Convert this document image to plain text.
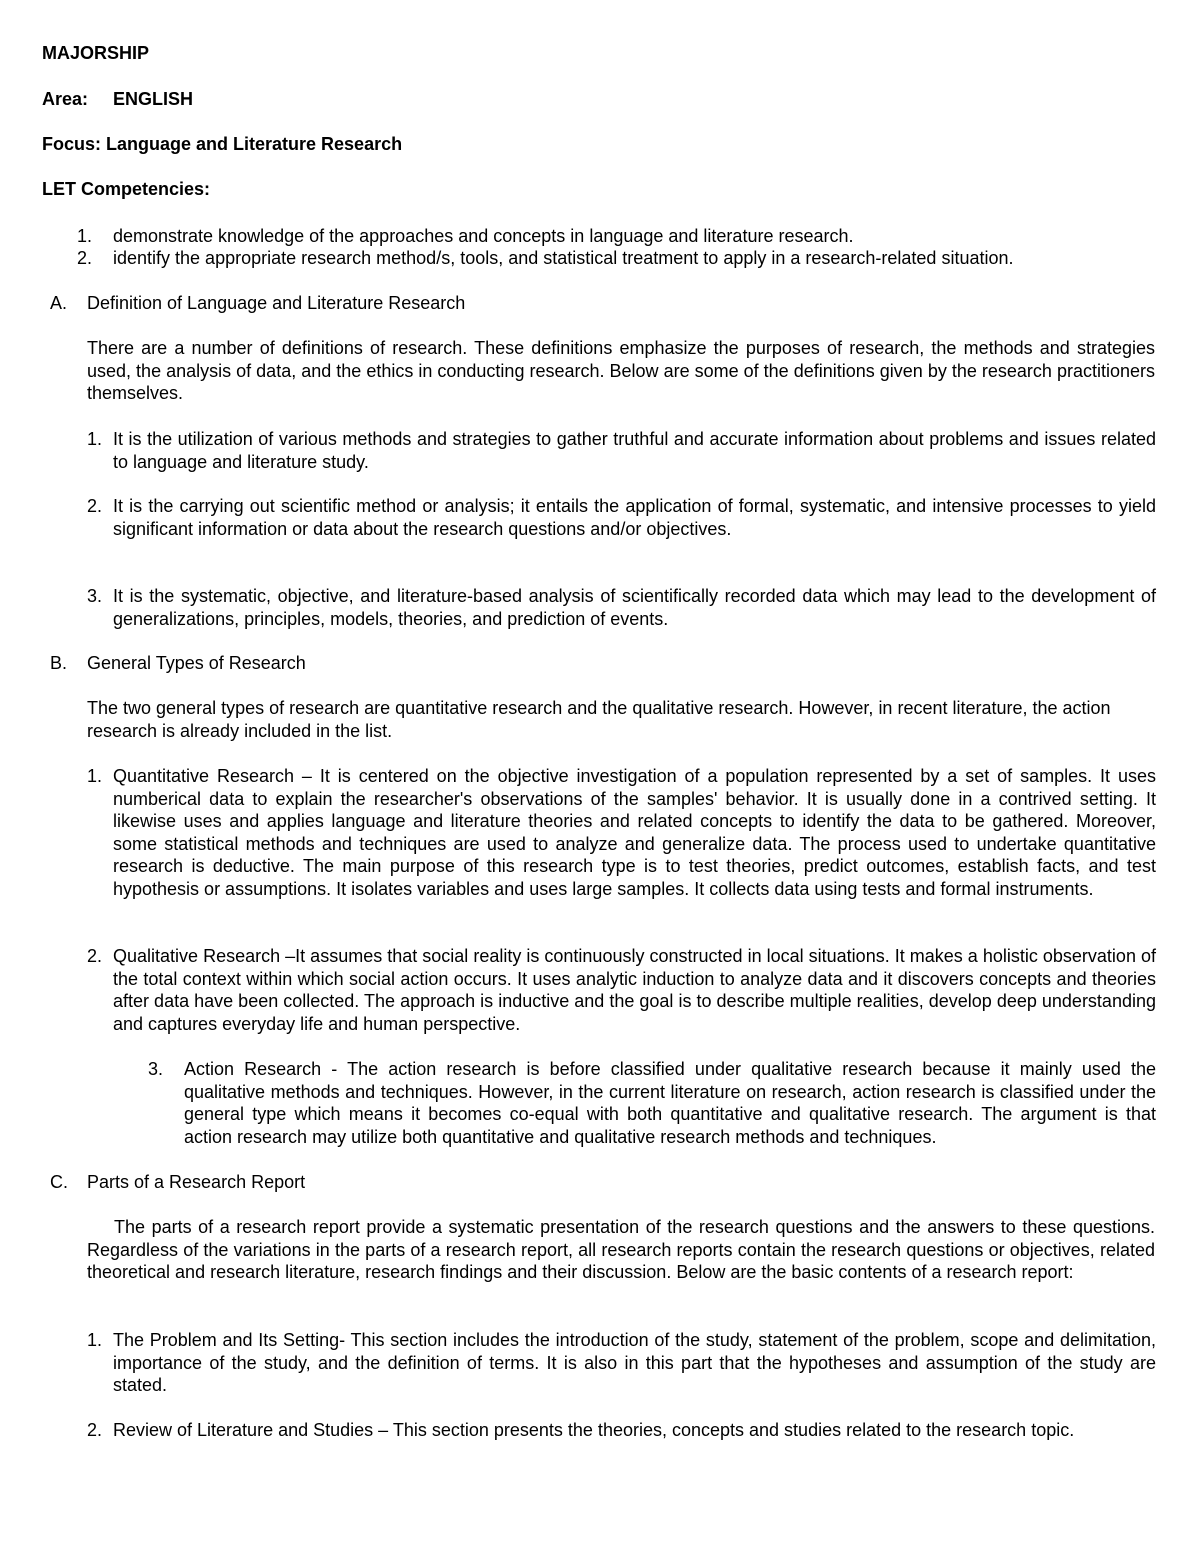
MAJORSHIP
Area: ENGLISH
Focus: Language and Literature Research
LET Competencies:
1. demonstrate knowledge of the approaches and concepts in language and literature research.
2. identify the appropriate research method/s, tools, and statistical treatment to apply in a research-related situation.
A. Definition of Language and Literature Research
There are a number of definitions of research. These definitions emphasize the purposes of research, the methods and strategies used, the analysis of data, and the ethics in conducting research. Below are some of the definitions given by the research practitioners themselves.
1. It is the utilization of various methods and strategies to gather truthful and accurate information about problems and issues related to language and literature study.
2. It is the carrying out scientific method or analysis; it entails the application of formal, systematic, and intensive processes to yield significant information or data about the research questions and/or objectives.
3. It is the systematic, objective, and literature-based analysis of scientifically recorded data which may lead to the development of generalizations, principles, models, theories, and prediction of events.
B. General Types of Research
The two general types of research are quantitative research and the qualitative research. However, in recent literature, the action research is already included in the list.
1. Quantitative Research – It is centered on the objective investigation of a population represented by a set of samples. It uses numberical data to explain the researcher's observations of the samples' behavior. It is usually done in a contrived setting. It likewise uses and applies language and literature theories and related concepts to identify the data to be gathered. Moreover, some statistical methods and techniques are used to analyze and generalize data. The process used to undertake quantitative research is deductive. The main purpose of this research type is to test theories, predict outcomes, establish facts, and test hypothesis or assumptions. It isolates variables and uses large samples. It collects data using tests and formal instruments.
2. Qualitative Research –It assumes that social reality is continuously constructed in local situations. It makes a holistic observation of the total context within which social action occurs. It uses analytic induction to analyze data and it discovers concepts and theories after data have been collected. The approach is inductive and the goal is to describe multiple realities, develop deep understanding and captures everyday life and human perspective.
3. Action Research - The action research is before classified under qualitative research because it mainly used the qualitative methods and techniques. However, in the current literature on research, action research is classified under the general type which means it becomes co-equal with both quantitative and qualitative research. The argument is that action research may utilize both quantitative and qualitative research methods and techniques.
C. Parts of a Research Report
The parts of a research report provide a systematic presentation of the research questions and the answers to these questions. Regardless of the variations in the parts of a research report, all research reports contain the research questions or objectives, related theoretical and research literature, research findings and their discussion. Below are the basic contents of a research report:
1. The Problem and Its Setting- This section includes the introduction of the study, statement of the problem, scope and delimitation, importance of the study, and the definition of terms. It is also in this part that the hypotheses and assumption of the study are stated.
2. Review of Literature and Studies – This section presents the theories, concepts and studies related to the research topic.
